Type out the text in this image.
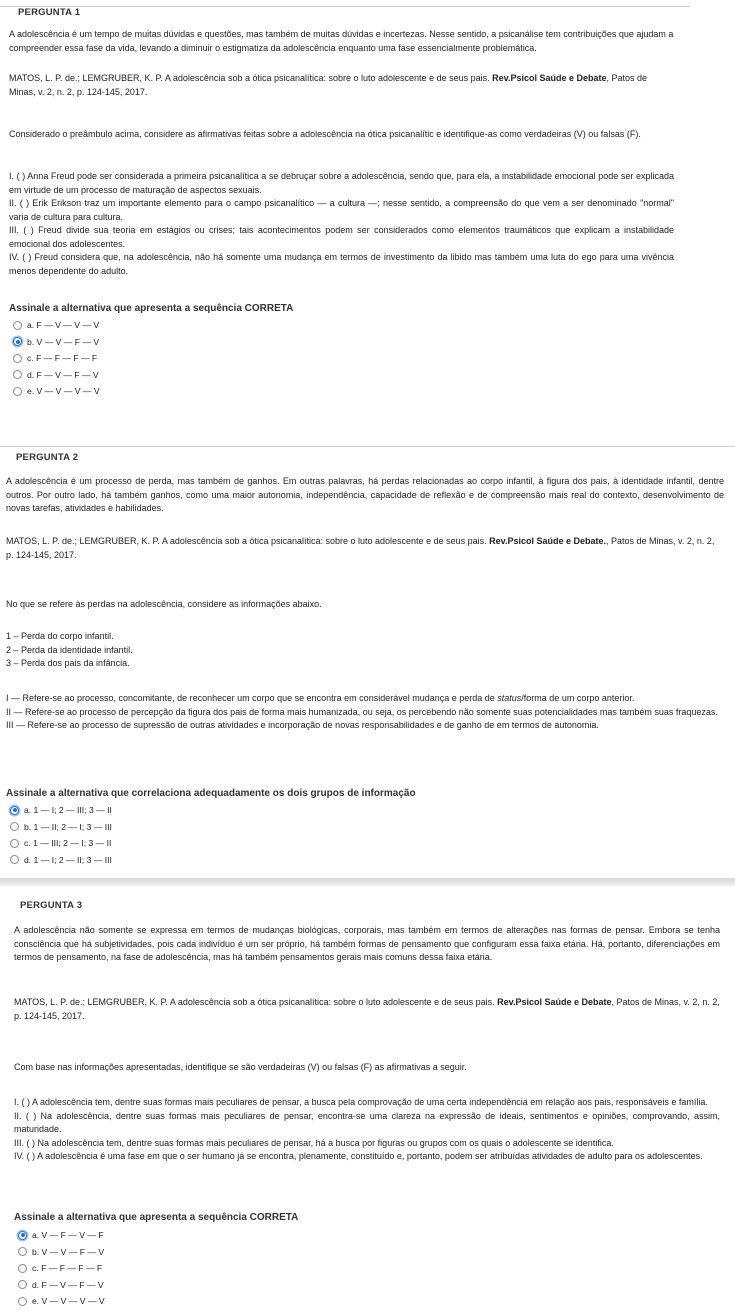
PERGUNTA 1

A adolescência é um tempo de muitas dúvidas e questões, mas também de muitas dúvidas e incertezas. Nesse sentido, a psicanálise tem contribuições que ajudam a compreender essa fase da vida, levando a diminuir o estigmatiza da adolescência enquanto uma fase essencialmente problemática.

MATOS, L. P. de.; LEMGRUBER, K. P. A adolescência sob a ótica psicanalítica: sobre o luto adolescente e de seus pais. Rev.Psicol Saúde e Debate, Patos de Minas, v. 2, n. 2, p. 124-145, 2017.

Considerado o preâmbulo acima, considere as afirmativas feitas sobre a adolescência na ótica psicanalític e identifique-as como verdadeiras (V) ou falsas (F).

I. ( ) Anna Freud pode ser considerada a primeira psicanalítica a se debruçar sobre a adolescência, sendo que, para ela, a instabilidade emocional pode ser explicada em virtude de um processo de maturação de aspectos sexuais.

II. ( ) Erik Erikson traz um importante elemento para o campo psicanalítico — a cultura —; nesse sentido, a compreensão do que vem a ser denominado "normal" varia de cultura para cultura.

III. ( ) Freud divide sua teoria em estágios ou crises; tais acontecimentos podem ser considerados como elementos traumáticos que explicam a instabilidade emocional dos adolescentes.

IV. ( ) Freud considera que, na adolescência, não há somente uma mudança em termos de investimento da libido mas também uma luta do ego para uma vivência menos dependente do adulto.

Assinale a alternativa que apresenta a sequência CORRETA
a. F — V — V — V
b. V — V — F — V
c. F — F — F — F
d. F — V — F — V
e. V — V — V — V
PERGUNTA 2

A adolescência é um processo de perda, mas também de ganhos. Em outras palavras, há perdas relacionadas ao corpo infantil, à figura dos pais, à identidade infantil, dentre outros. Por outro lado, há também ganhos, como uma maior autonomia, independência, capacidade de reflexão e de compreensão mais real do contexto, desenvolvimento de novas tarefas, atividades e habilidades.

MATOS, L. P. de.; LEMGRUBER, K. P. A adolescência sob a ótica psicanalítica: sobre o luto adolescente e de seus pais. Rev.Psicol Saúde e Debate., Patos de Minas, v. 2, n. 2, p. 124-145, 2017.

No que se refere às perdas na adolescência, considere as informações abaixo.

1 – Perda do corpo infantil.

2 – Perda da identidade infantil.

3 – Perda dos pais da infância.

I — Refere-se ao processo, concomitante, de reconhecer um corpo que se encontra em considerável mudança e perda de status/forma de um corpo anterior.

II — Refere-se ao processo de percepção da figura dos pais de forma mais humanizada, ou seja, os percebendo não somente suas potencialidades mas também suas fraquezas.

III — Refere-se ao processo de supressão de outras atividades e incorporação de novas responsabilidades e de ganho de em termos de autonomia.

Assinale a alternativa que correlaciona adequadamente os dois grupos de informação
a. 1 — I; 2 — III; 3 — II
b. 1 — II; 2 — I; 3 — III
c. 1 — III; 2 — I; 3 — II
d. 1 — I; 2 — II; 3 — III
PERGUNTA 3

A adolescência não somente se expressa em termos de mudanças biológicas, corporais, mas também em termos de alterações nas formas de pensar. Embora se tenha consciência que há subjetividades, pois cada indivíduo é um ser próprio, há também formas de pensamento que configuram essa faixa etária. Há, portanto, diferenciações em termos de pensamento, na fase de adolescência, mas há também pensamentos gerais mais comuns dessa faixa etária.

MATOS, L. P. de.; LEMGRUBER, K. P. A adolescência sob a ótica psicanalítica: sobre o luto adolescente e de seus pais. Rev.Psicol Saúde e Debate, Patos de Minas, v. 2, n. 2, p. 124-145, 2017.

Com base nas informações apresentadas, identifique se são verdadeiras (V) ou falsas (F) as afirmativas a seguir.

I. ( ) A adolescência tem, dentre suas formas mais peculiares de pensar, a busca pela comprovação de uma certa independência em relação aos pais, responsáveis e família.

II. ( ) Na adolescência, dentre suas formas mais peculiares de pensar, encontra-se uma clareza na expressão de ideais, sentimentos e opiniões, comprovando, assim, maturidade.

III. ( ) Na adolescência tem, dentre suas formas mais peculiares de pensar, há a busca por figuras ou grupos com os quais o adolescente se identifica.

IV. ( ) A adolescência é uma fase em que o ser humano já se encontra, plenamente, constituído e, portanto, podem ser atribuídas atividades de adulto para os adolescentes.

Assinale a alternativa que apresenta a sequência CORRETA
a. V — F — V — F
b. V — V — F — V
c. F — F — F — F
d. F — V — F — V
e. V — V — V — V
